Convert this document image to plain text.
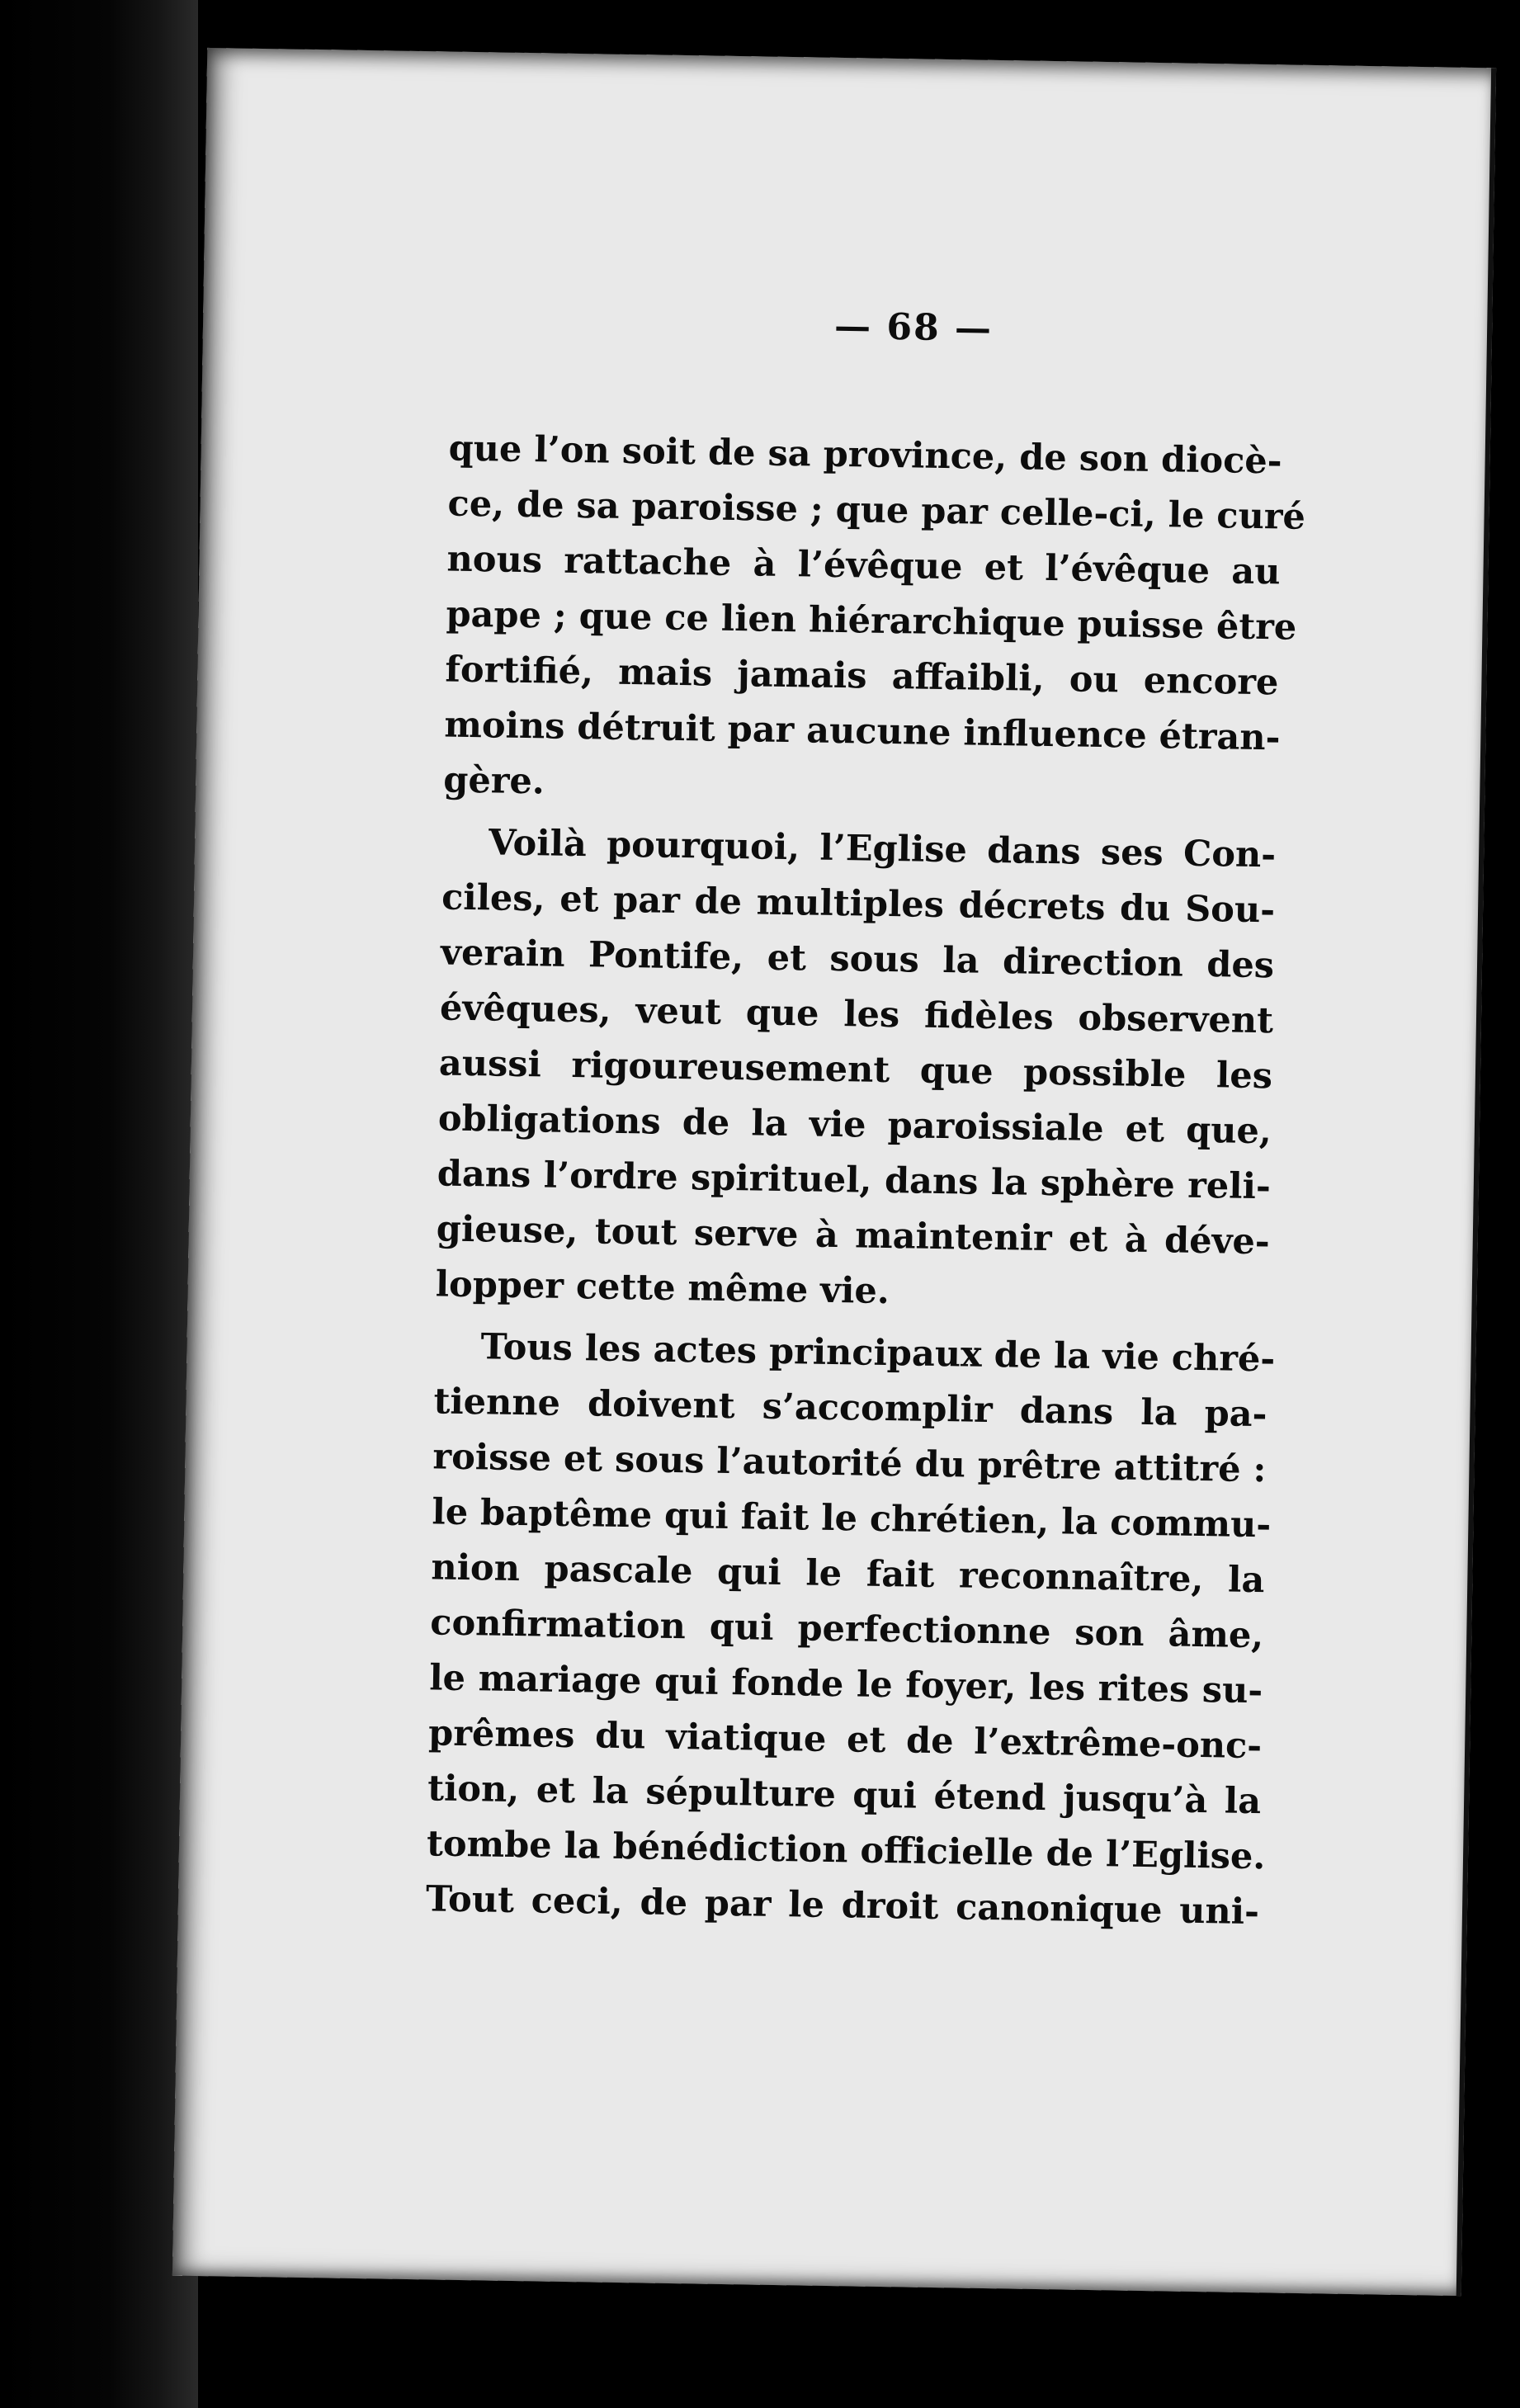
— 68 —
que l’on soit de sa province, de son diocè-
ce, de sa paroisse ; que par celle-ci, le curé
nous rattache à l’évêque et l’évêque au
pape ; que ce lien hiérarchique puisse être
fortifié, mais jamais affaibli, ou encore
moins détruit par aucune influence étran-
gère.
Voilà pourquoi, l’Eglise dans ses Con-
ciles, et par de multiples décrets du Sou-
verain Pontife, et sous la direction des
évêques, veut que les fidèles observent
aussi rigoureusement que possible les
obligations de la vie paroissiale et que,
dans l’ordre spirituel, dans la sphère reli-
gieuse, tout serve à maintenir et à déve-
lopper cette même vie.
Tous les actes principaux de la vie chré-
tienne doivent s’accomplir dans la pa-
roisse et sous l’autorité du prêtre attitré :
le baptême qui fait le chrétien, la commu-
nion pascale qui le fait reconnaître, la
confirmation qui perfectionne son âme,
le mariage qui fonde le foyer, les rites su-
prêmes du viatique et de l’extrême-onc-
tion, et la sépulture qui étend jusqu’à la
tombe la bénédiction officielle de l’Eglise.
Tout ceci, de par le droit canonique uni-
